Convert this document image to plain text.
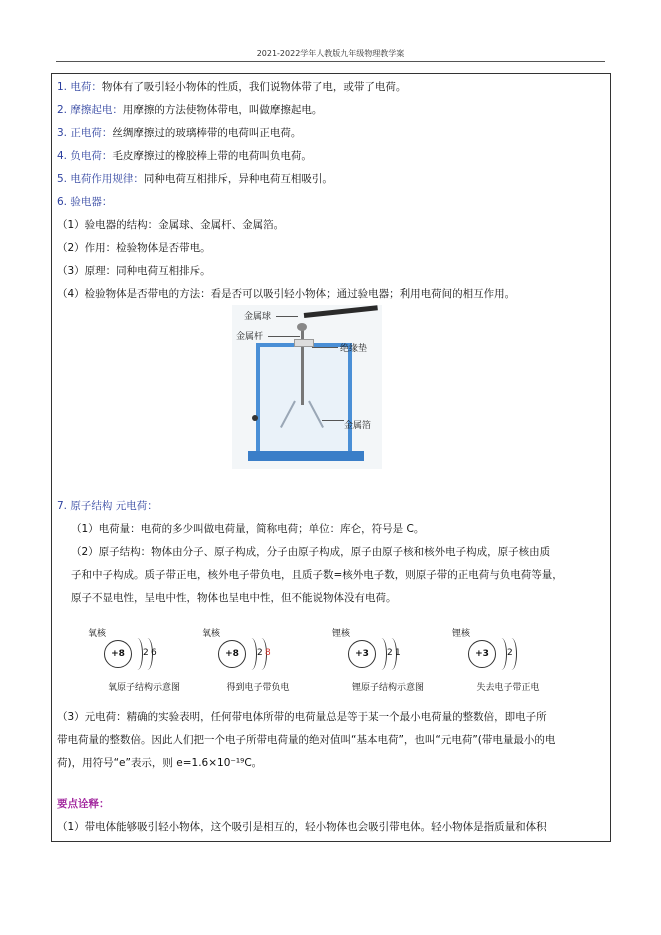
2021-2022学年人教版九年级物理教学案
1. 电荷：物体有了吸引轻小物体的性质，我们说物体带了电，或带了电荷。
2. 摩擦起电：用摩擦的方法使物体带电，叫做摩擦起电。
3. 正电荷：丝绸摩擦过的玻璃棒带的电荷叫正电荷。
4. 负电荷：毛皮摩擦过的橡胶棒上带的电荷叫负电荷。
5. 电荷作用规律：同种电荷互相排斥，异种电荷互相吸引。
6. 验电器：
（1）验电器的结构：金属球、金属杆、金属箔。
（2）作用：检验物体是否带电。
（3）原理：同种电荷互相排斥。
（4）检验物体是否带电的方法：看是否可以吸引轻小物体；通过验电器；利用电荷间的相互作用。
金属球
金属杆
绝缘垫
金属箔
7. 原子结构 元电荷：
（1）电荷量：电荷的多少叫做电荷量，简称电荷；单位：库仑，符号是 C。
（2）原子结构：物体由分子、原子构成，分子由原子构成，原子由原子核和核外电子构成，原子核由质
子和中子构成。质子带正电，核外电子带负电，且质子数=核外电子数，则原子带的正电荷与负电荷等量，
原子不显电性，呈电中性，物体也呈电中性，但不能说物体没有电荷。
氧核
+8	2 6
氧原子结构示意图
氧核
+8	2 8
得到电子带负电
锂核
+3	2 1
锂原子结构示意图
锂核
+3	2
失去电子带正电
（3）元电荷：精确的实验表明，任何带电体所带的电荷量总是等于某一个最小电荷量的整数倍，即电子所
带电荷量的整数倍。因此人们把一个电子所带电荷量的绝对值叫“基本电荷”，也叫“元电荷”(带电量最小的电
荷)，用符号“e”表示，则 e=1.6×10⁻¹⁹C。
要点诠释：
（1）带电体能够吸引轻小物体，这个吸引是相互的，轻小物体也会吸引带电体。轻小物体是指质量和体积
